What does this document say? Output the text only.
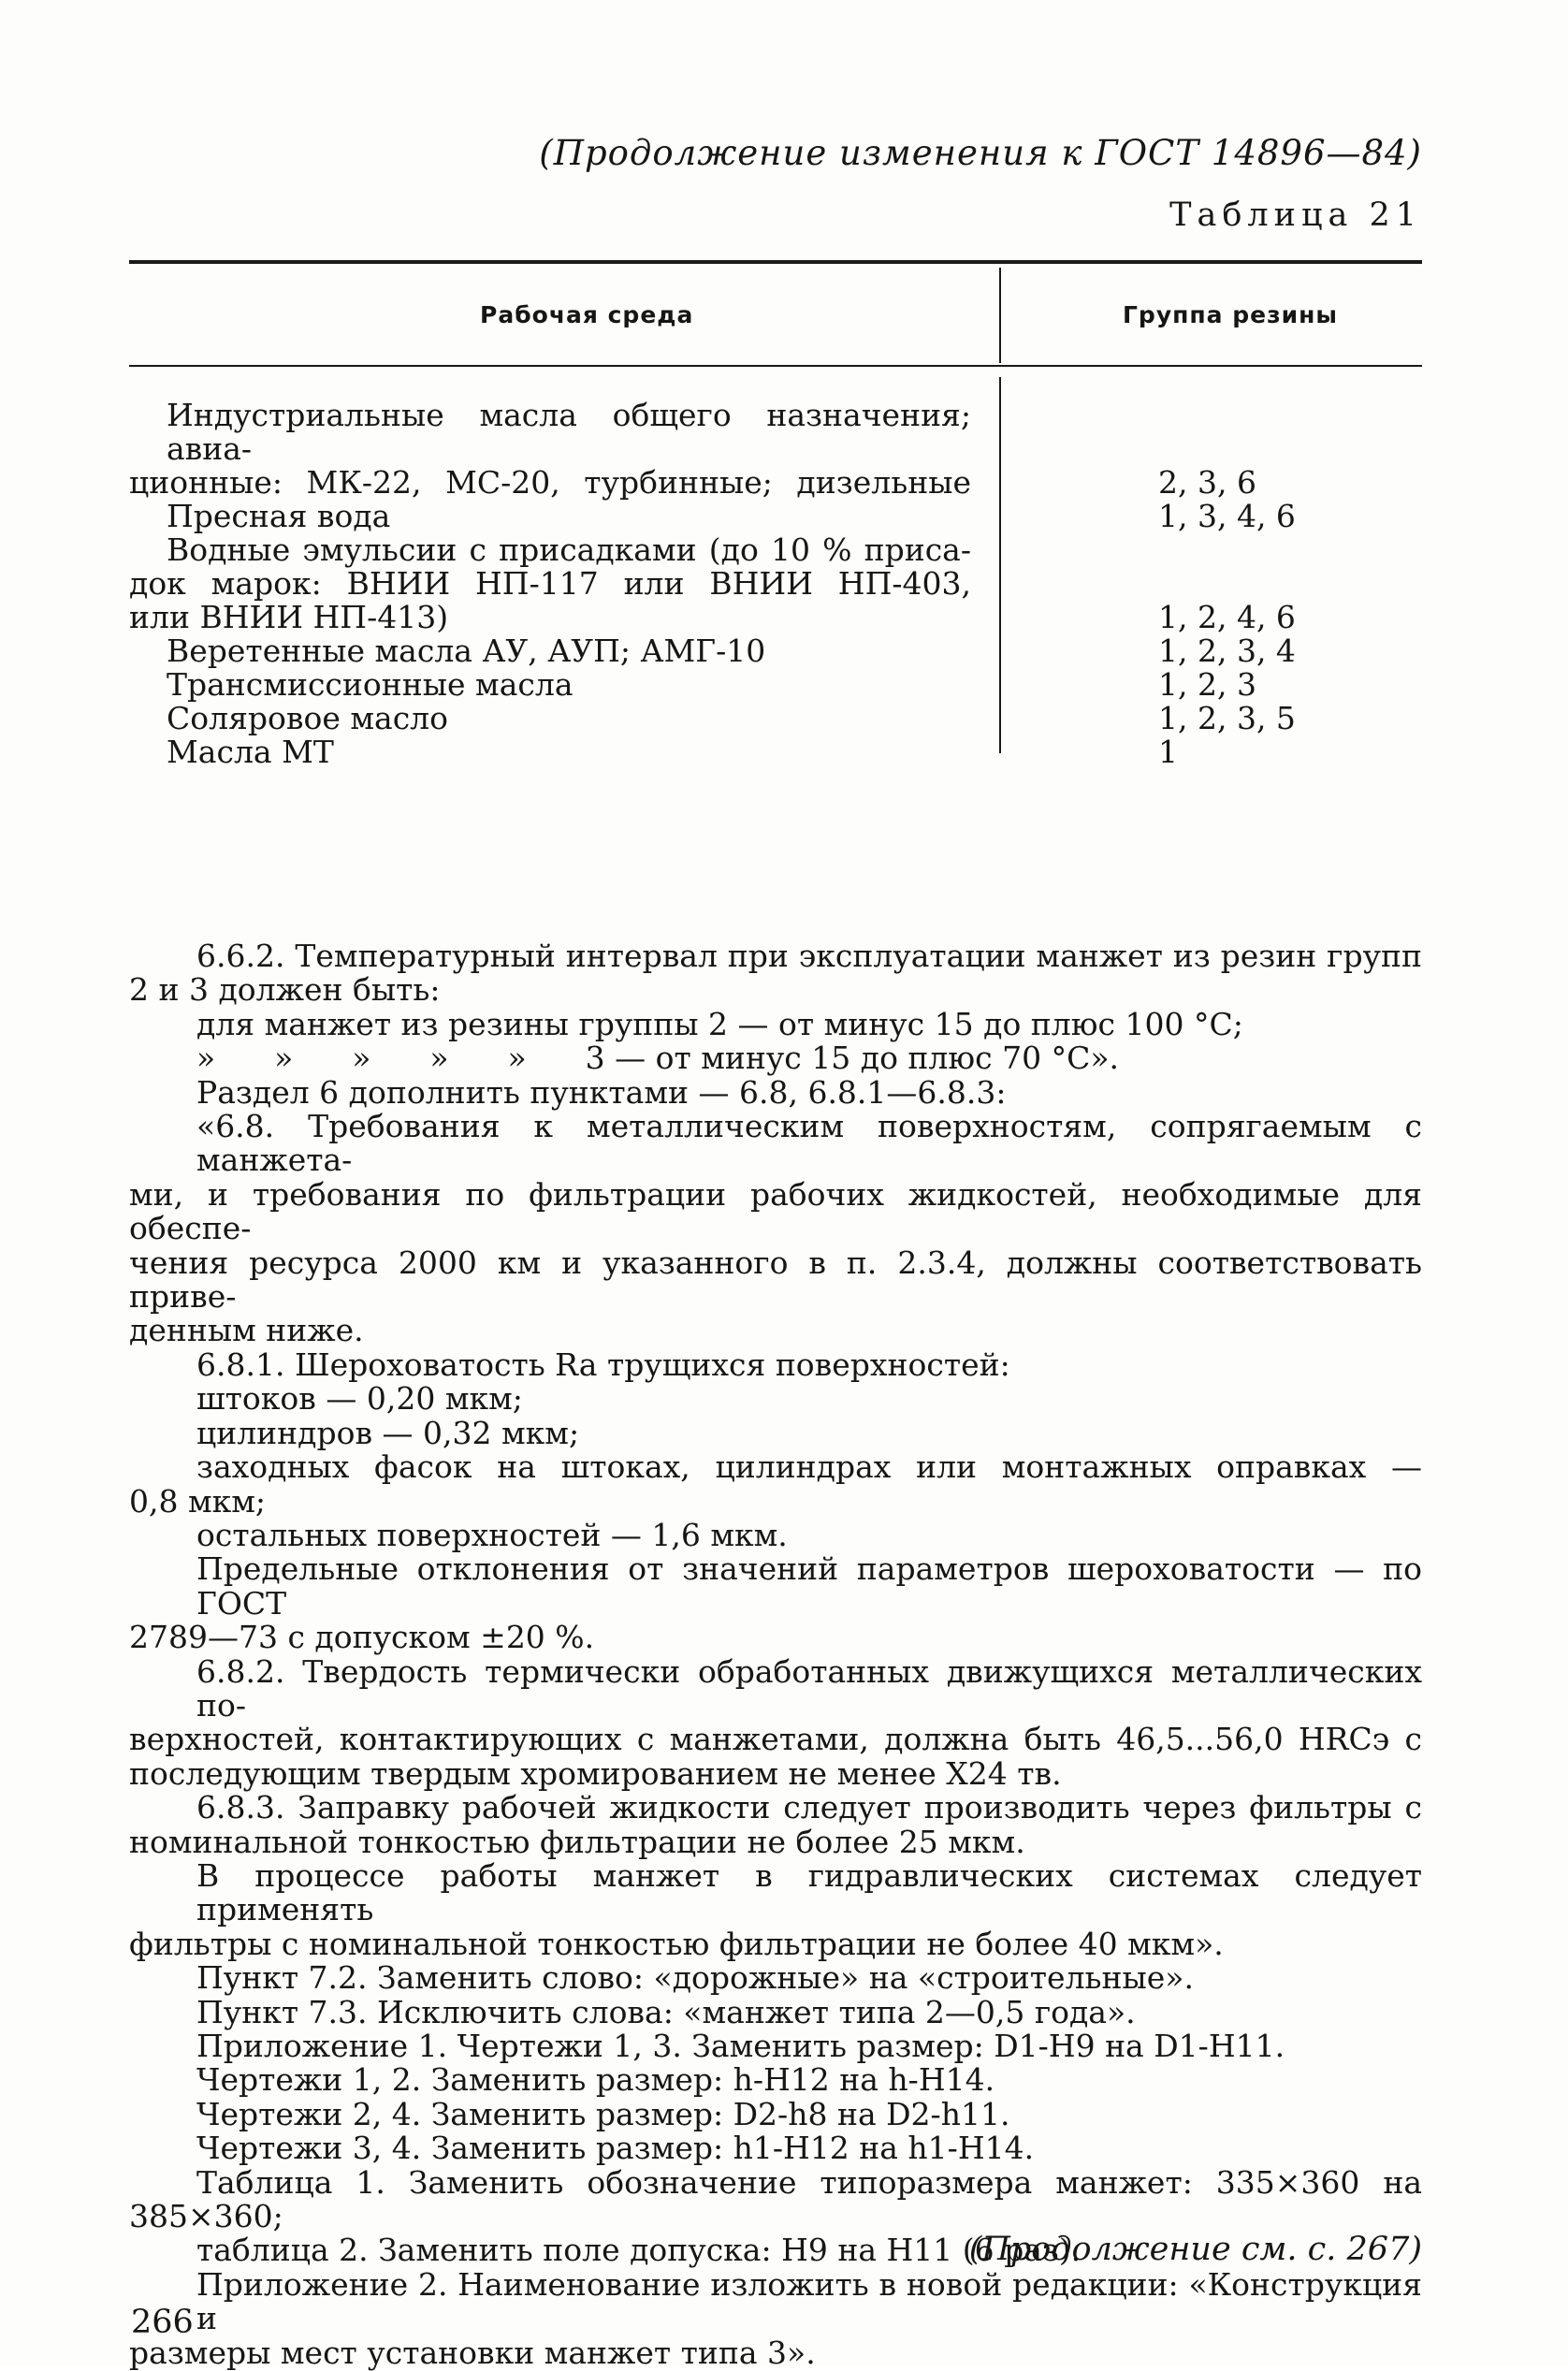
(Продолжение изменения к ГОСТ 14896—84)
Таблица 21
Рабочая среда	Группа резины
Индустриальные масла общего назначения; авиа-
ционные: МК-22, МС-20, турбинные; дизельные	2, 3, 6
Пресная вода	1, 3, 4, 6
Водные эмульсии с присадками (до 10 % приса-
док марок: ВНИИ НП-117 или ВНИИ НП-403,
или ВНИИ НП-413)	1, 2, 4, 6
Веретенные масла АУ, АУП; АМГ-10	1, 2, 3, 4
Трансмиссионные масла	1, 2, 3
Соляровое масло	1, 2, 3, 5
Масла МТ	1

6.6.2. Температурный интервал при эксплуатации манжет из резин групп

2 и 3 должен быть:

для манжет из резины группы 2 — от минус 15 до плюс 100 °С;

»      »      »      »      »      3 — от минус 15 до плюс 70 °С».

Раздел 6 дополнить пунктами — 6.8, 6.8.1—6.8.3:

«6.8. Требования к металлическим поверхностям, сопрягаемым с манжета-

ми, и требования по фильтрации рабочих жидкостей, необходимые для обеспе-

чения ресурса 2000 км и указанного в п. 2.3.4, должны соответствовать приве-

денным ниже.

6.8.1. Шероховатость Ra трущихся поверхностей:

штоков — 0,20 мкм;

цилиндров — 0,32 мкм;

заходных фасок на штоках, цилиндрах или монтажных оправках —

0,8 мкм;

остальных поверхностей — 1,6 мкм.

Предельные отклонения от значений параметров шероховатости — по ГОСТ

2789—73 с допуском ±20 %.

6.8.2. Твердость термически обработанных движущихся металлических по-

верхностей, контактирующих с манжетами, должна быть 46,5...56,0 HRCэ с

последующим твердым хромированием не менее Х24 тв.

6.8.3. Заправку рабочей жидкости следует производить через фильтры с

номинальной тонкостью фильтрации не более 25 мкм.

В процессе работы манжет в гидравлических системах следует применять

фильтры с номинальной тонкостью фильтрации не более 40 мкм».

Пункт 7.2. Заменить слово: «дорожные» на «строительные».

Пункт 7.3. Исключить слова: «манжет типа 2—0,5 года».

Приложение 1. Чертежи 1, 3. Заменить размер: D1-H9 на D1-H11.

Чертежи 1, 2. Заменить размер: h-H12 на h-H14.

Чертежи 2, 4. Заменить размер: D2-h8 на D2-h11.

Чертежи 3, 4. Заменить размер: h1-H12 на h1-H14.

Таблица 1. Заменить обозначение типоразмера манжет: 335×360 на

385×360;

таблица 2. Заменить поле допуска: H9 на H11 (6 раз).

Приложение 2. Наименование изложить в новой редакции: «Конструкция и

размеры мест установки манжет типа 3».

(Продолжение см. с. 267)
266
